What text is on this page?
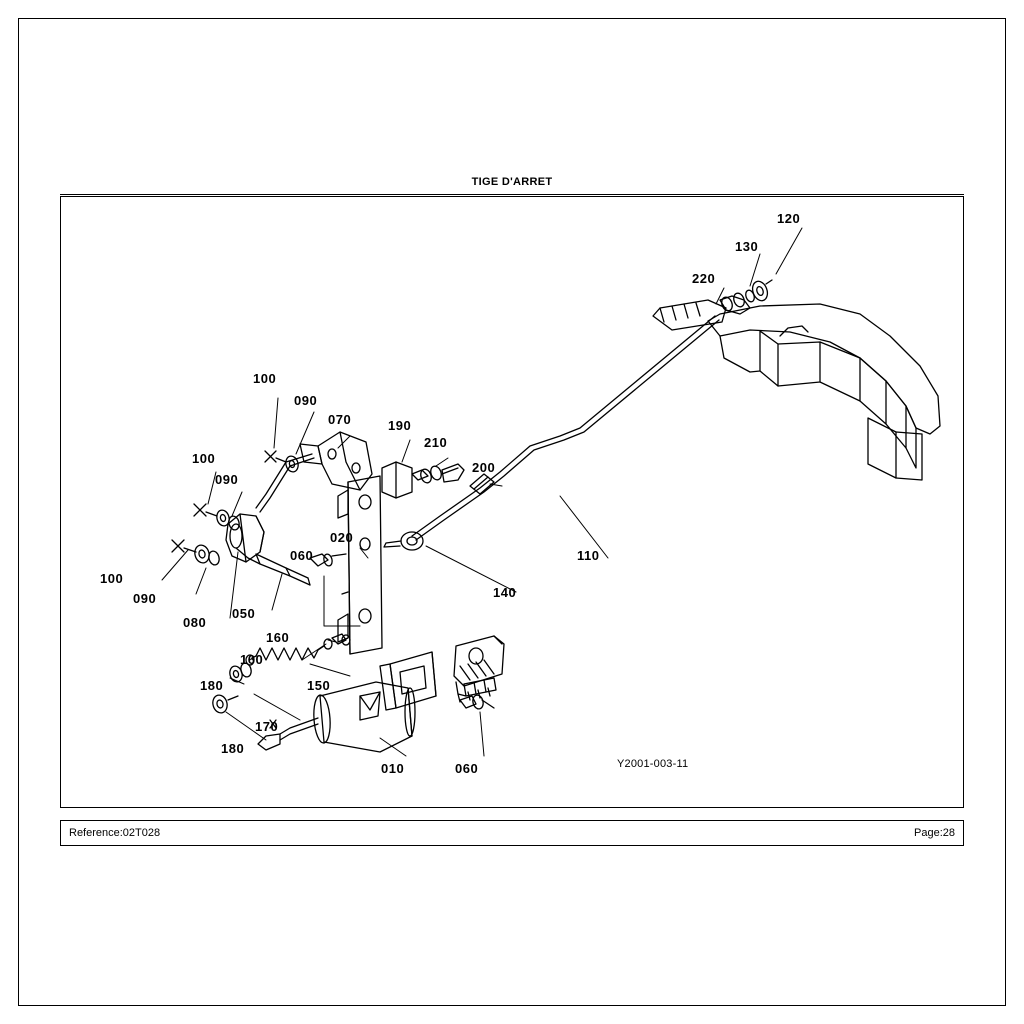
TIGE D'ARRET
120
130
220
100
090
070	190
210
200
100
090
020
060	110
100
140
090
080
050
160
160
180	150
170
180
010	060	Y2001-003-11
Reference:02T028	Page:28
